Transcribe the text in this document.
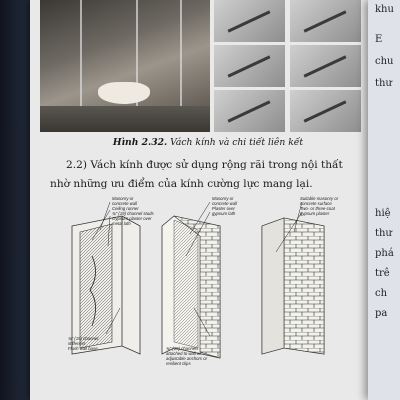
Hình 2.32. Vách kính và chi tiết liên kết
2.2) Vách kính được sử dụng rộng rãi trong nội thất nhờ những ưu điểm của kính cường lực mang lại.
Masonry or
concrete wall
Ceiling runner
¾" (19) channel studs
Gypsum plaster over
metal lath
¾" (19) channel
stiffeners
Flush wall base
Masonry or
concrete wall
Plaster over
gypsum lath
¾" (19) channels
attached to wall w/
adjustable anchors or
resilient clips
Suitable masonry or
concrete surface
Two- or three-coat
gypsum plaster
khu
E
chu
thư
hiệ
thư
phá
trê
ch
pa
